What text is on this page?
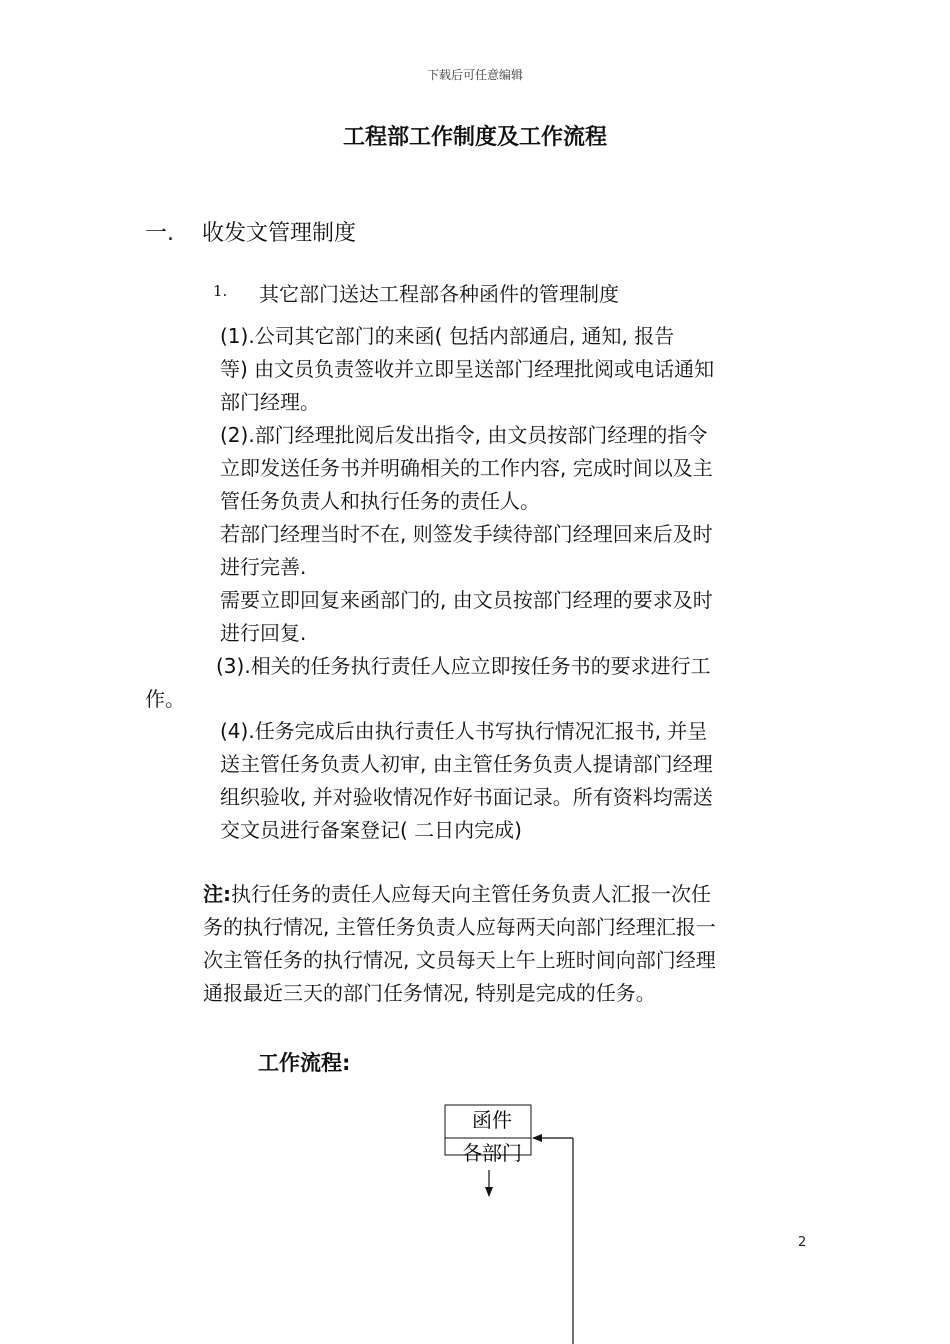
下载后可任意编辑
工程部工作制度及工作流程
一. 收发文管理制度
1. 其它部门送达工程部各种函件的管理制度
(1).公司其它部门的来函( 包括内部通启, 通知, 报告
等) 由文员负责签收并立即呈送部门经理批阅或电话通知
部门经理。
(2).部门经理批阅后发出指令, 由文员按部门经理的指令
立即发送任务书并明确相关的工作内容, 完成时间以及主
管任务负责人和执行任务的责任人。
若部门经理当时不在, 则签发手续待部门经理回来后及时
进行完善.
需要立即回复来函部门的, 由文员按部门经理的要求及时
进行回复.
(3).相关的任务执行责任人应立即按任务书的要求进行工
作。
(4).任务完成后由执行责任人书写执行情况汇报书, 并呈
送主管任务负责人初审, 由主管任务负责人提请部门经理
组织验收, 并对验收情况作好书面记录。所有资料均需送
交文员进行备案登记( 二日内完成)
注:执行任务的责任人应每天向主管任务负责人汇报一次任
务的执行情况, 主管任务负责人应每两天向部门经理汇报一
次主管任务的执行情况, 文员每天上午上班时间向部门经理
通报最近三天的部门任务情况, 特别是完成的任务。
工作流程:
函件
各部门
2
